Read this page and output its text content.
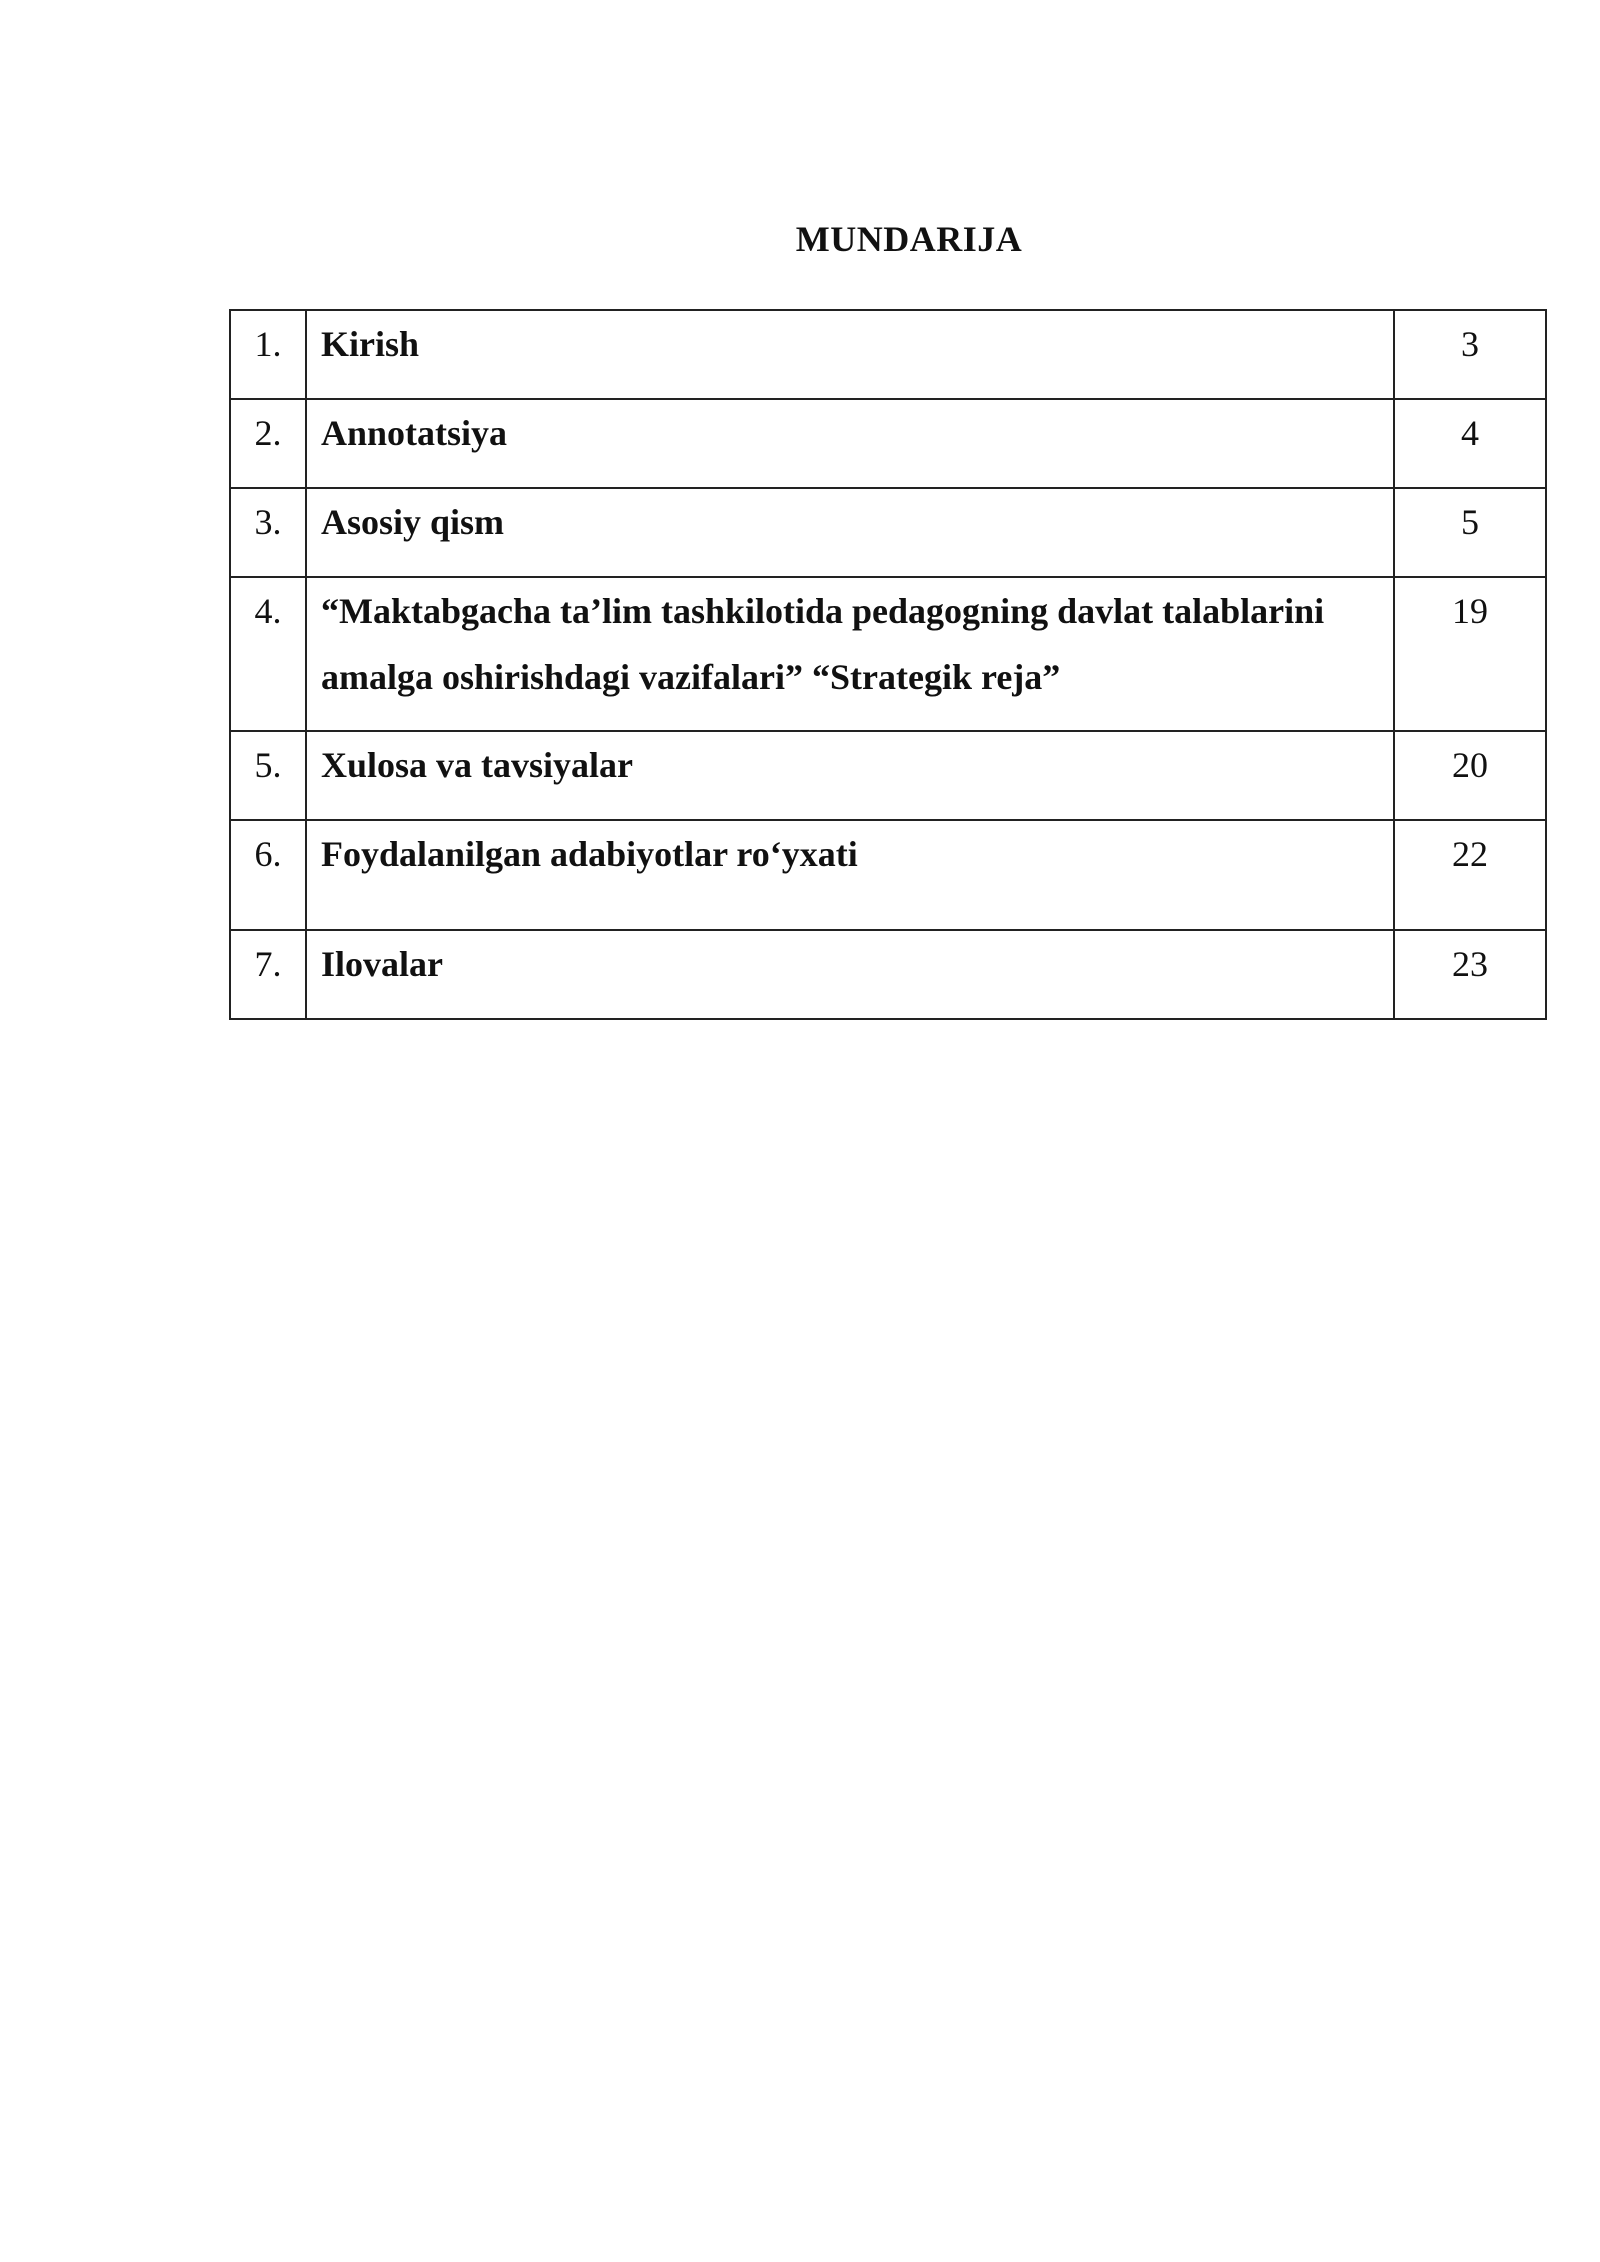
MUNDARIJA
1.	Kirish	3
2.	Annotatsiya	4
3.	Asosiy qism	5
4.	“Maktabgacha ta’lim tashkilotida pedagogning davlat talablarini amalga oshirishdagi vazifalari” “Strategik reja”	19
5.	Xulosa va tavsiyalar	20
6.	Foydalanilgan adabiyotlar ro‘yxati	22
7.	Ilovalar	23
